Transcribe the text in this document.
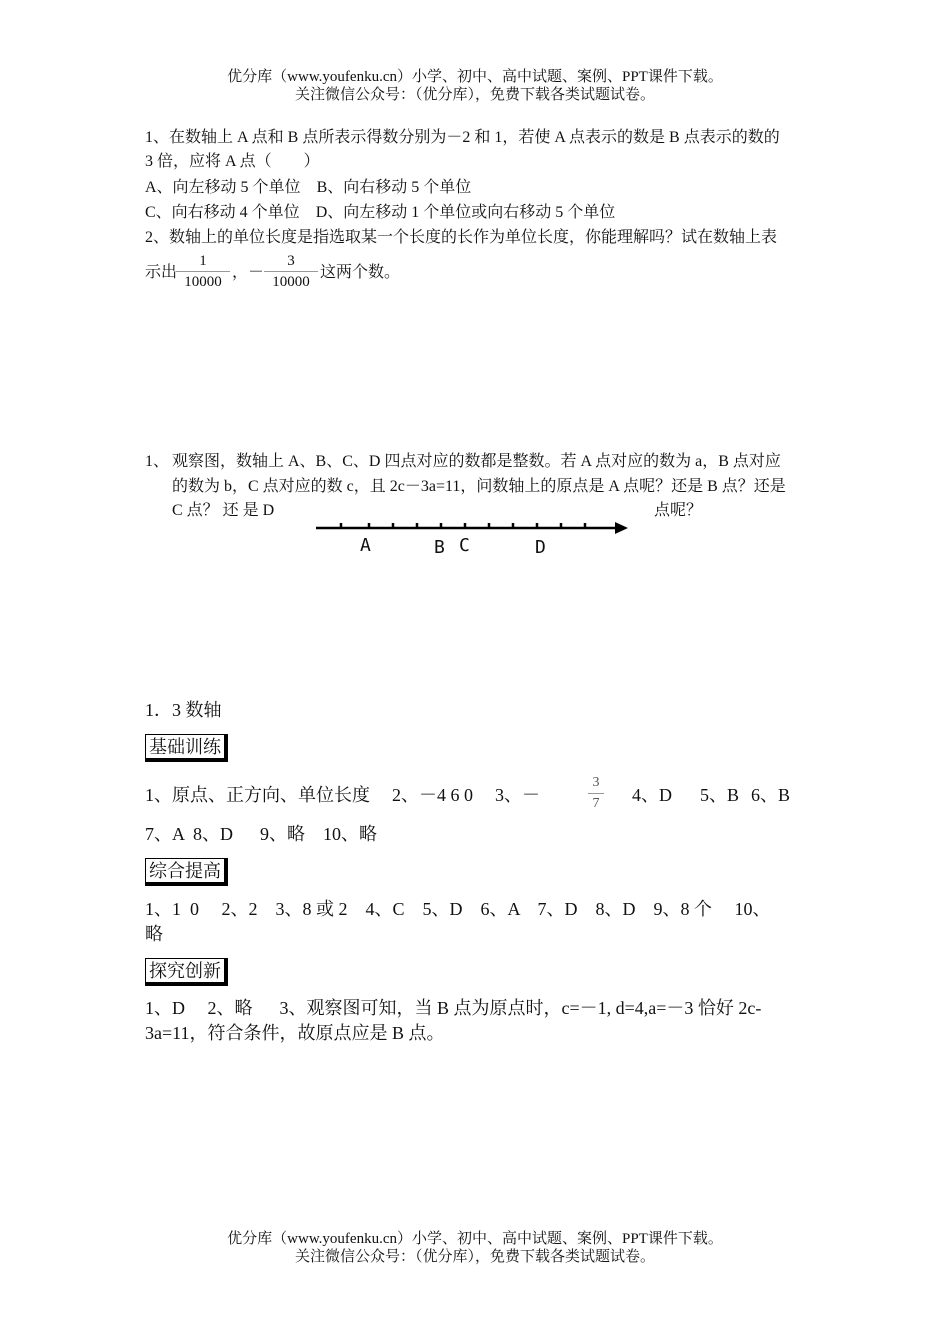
优分库（www.youfenku.cn）小学、初中、高中试题、案例、PPT课件下载。
关注微信公众号：（优分库），免费下载各类试题试卷。
1、在数轴上 A 点和 B 点所表示得数分别为－2 和 1，若使 A 点表示的数是 B 点表示的数的
3 倍，应将 A 点（　　）
A、向左移动 5 个单位 B、向右移动 5 个单位
C、向右移动 4 个单位 D、向左移动 1 个单位或向右移动 5 个单位
2、数轴上的单位长度是指选取某一个长度的长作为单位长度，你能理解吗？试在数轴上表
示出
1
10000
，－
3
10000
这两个数。
1、 观察图，数轴上 A、B、C、D 四点对应的数都是整数。若 A 点对应的数为 a，B 点对应
的数为 b，C 点对应的数 c，且 2c－3a=11，问数轴上的原点是 A 点呢？还是 B 点？还是
C 点？ 还 是 D	点呢？
A	B C	D
1．3 数轴
基础训练
1、原点、正方向、单位长度 2、－4 6 0 3、－
3
7 4、D 5、B 6、B
7、A  8、D      9、略    10、略
综合提高
1、1  0     2、2    3、8 或 2    4、C    5、D    6、A    7、D    8、D    9、8 个     10、
略
探究创新
1、D     2、略      3、观察图可知，当 B 点为原点时，c=－1, d=4,a=－3 恰好 2c-
3a=11，符合条件，故原点应是 B 点。
优分库（www.youfenku.cn）小学、初中、高中试题、案例、PPT课件下载。
关注微信公众号：（优分库），免费下载各类试题试卷。
